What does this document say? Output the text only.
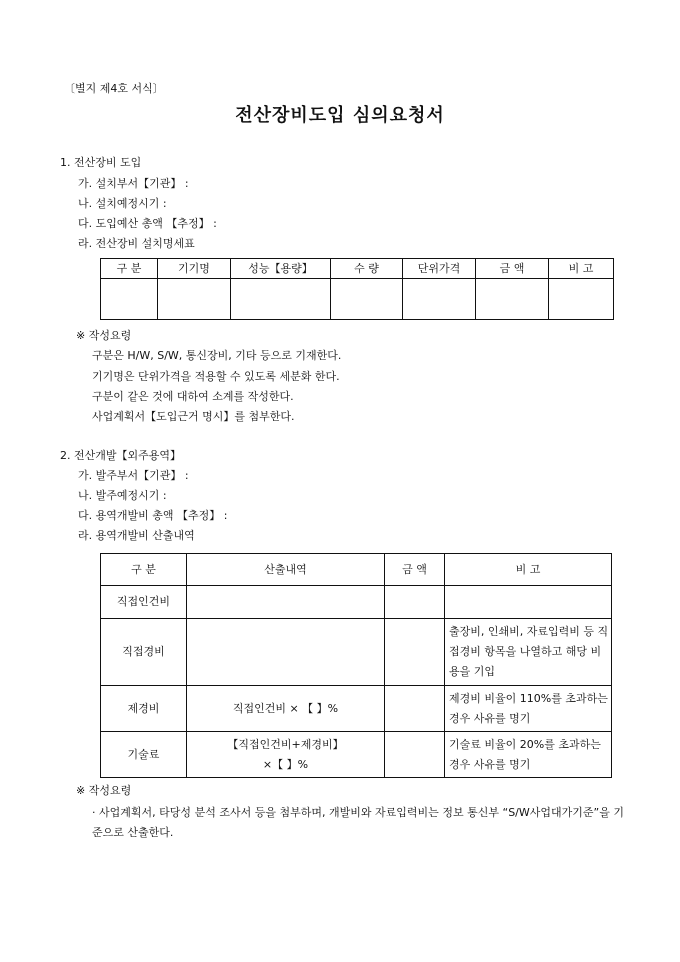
〔별지 제4호 서식〕
전산장비도입 심의요청서
1. 전산장비 도입
가. 설치부서【기관】 :
나. 설치예정시기 :
다. 도입예산 총액 【추정】 :
라. 전산장비 설치명세표
구 분	기기명	성능【용량】	수 량	단위가격	금 액	비 고

※ 작성요령
구분은 H/W, S/W, 통신장비, 기타 등으로 기재한다.
기기명은 단위가격을 적용할 수 있도록 세분화 한다.
구분이 같은 것에 대하여 소계를 작성한다.
사업계획서【도입근거 명시】를 첨부한다.
2. 전산개발【외주용역】
가. 발주부서【기관】 :
나. 발주예정시기 :
다. 용역개발비 총액 【추정】 :
라. 용역개발비 산출내역
구 분	산출내역	금 액	비 고
직접인건비			
직접경비			출장비, 인쇄비, 자료입력비 등 직접경비 항목을 나열하고 해당 비용을 기입
제경비	직접인건비 × 【 】%		제경비 비율이 110%를 초과하는 경우 사유를 명기
기술료	【직접인건비+제경비】 ×【 】%		기술료 비율이 20%를 초과하는 경우 사유를 명기
※ 작성요령
· 사업계획서, 타당성 분석 조사서 등을 첨부하며, 개발비와 자료입력비는 정보 통신부 “S/W사업대가기준”을 기준으로 산출한다.
